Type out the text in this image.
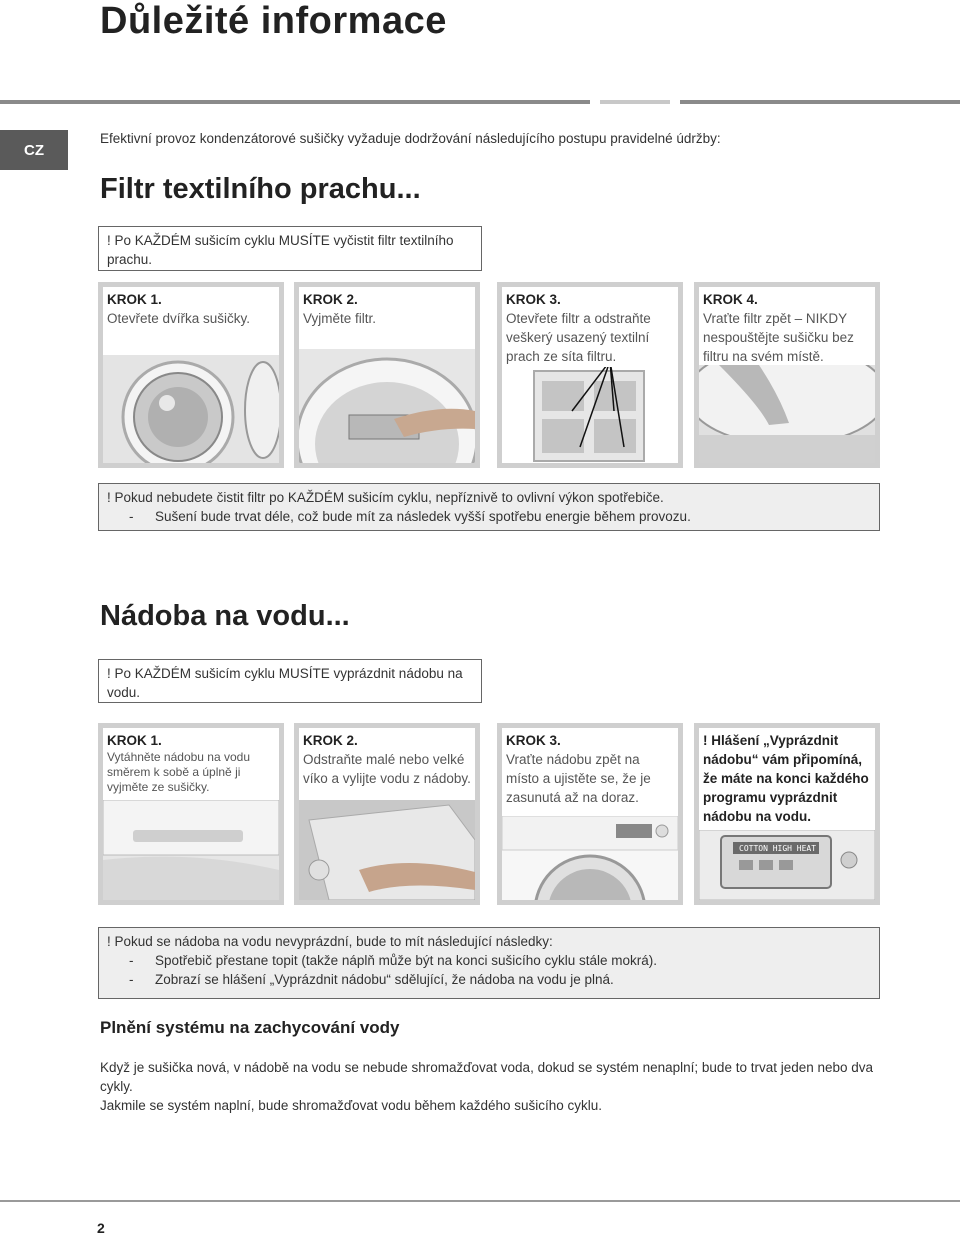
Důležité informace
CZ
Efektivní provoz kondenzátorové sušičky vyžaduje dodržování následujícího postupu pravidelné údržby:
Filtr textilního prachu...
! Po KAŽDÉM sušicím cyklu MUSÍTE vyčistit filtr textilního prachu.
KROK 1.
Otevřete dvířka sušičky.
KROK 2.
Vyjměte filtr.
KROK 3.
Otevřete filtr a odstraňte veškerý usazený textilní prach ze síta filtru.
KROK 4.
Vraťte filtr zpět – NIKDY nespouštějte sušičku bez filtru na svém místě.
! Pokud nebudete čistit filtr po KAŽDÉM sušicím cyklu, nepříznivě to ovlivní výkon spotřebiče.
- Sušení bude trvat déle, což bude mít za následek vyšší spotřebu energie během provozu.
Nádoba na vodu...
! Po KAŽDÉM sušicím cyklu MUSÍTE vyprázdnit nádobu na vodu.
KROK 1.
Vytáhněte nádobu na vodu směrem k sobě a úplně ji vyjměte ze sušičky.
KROK 2.
Odstraňte malé nebo velké víko a vylijte vodu z nádoby.
KROK 3.
Vraťte nádobu zpět na místo a ujistěte se, že je zasunutá až na doraz.
! Hlášení „Vyprázdnit nádobu“ vám připomíná, že máte na konci každého programu vyprázdnit nádobu na vodu.
COTTON HIGH HEAT
! Pokud se nádoba na vodu nevyprázdní, bude to mít následující následky:
- Spotřebič přestane topit (takže náplň může být na konci sušicího cyklu stále mokrá).
- Zobrazí se hlášení „Vyprázdnit nádobu“ sdělující, že nádoba na vodu je plná.
Plnění systému na zachycování vody
Když je sušička nová, v nádobě na vodu se nebude shromažďovat voda, dokud se systém nenaplní; bude to trvat jeden nebo dva cykly.
Jakmile se systém naplní, bude shromažďovat vodu během každého sušicího cyklu.
2
